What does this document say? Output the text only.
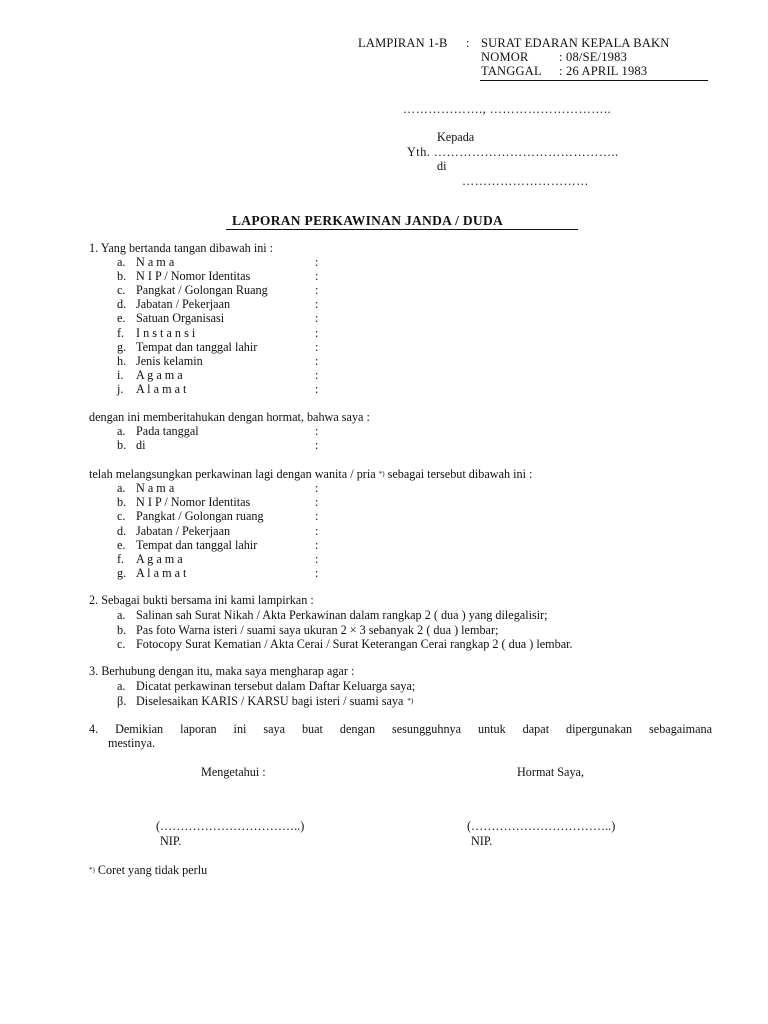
LAMPIRAN 1-B : SURAT EDARAN KEPALA BAKN
NOMOR : 08/SE/1983
TANGGAL : 26 APRIL 1983
………………., ………………………..
Kepada
Yth. ……………………………………..
di
…………………………
LAPORAN PERKAWINAN JANDA / DUDA
1. Yang bertanda tangan dibawah ini :
a. N a m a	:
b. N I P / Nomor Identitas	:
c. Pangkat / Golongan Ruang	:
d. Jabatan / Pekerjaan	:
e. Satuan Organisasi	:
f. I n s t a n s i	:
g. Tempat dan tanggal lahir	:
h. Jenis kelamin	:
i. A g a m a	:
j. A l a m a t	:
dengan ini memberitahukan dengan hormat, bahwa saya :
a. Pada tanggal	:
b. di	:
telah melangsungkan perkawinan lagi dengan wanita / pria *) sebagai tersebut dibawah ini :
a. N a m a	:
b. N I P / Nomor Identitas	:
c. Pangkat / Golongan ruang	:
d. Jabatan / Pekerjaan	:
e. Tempat dan tanggal lahir	:
f. A g a m a	:
g. A l a m a t	:
2. Sebagai bukti bersama ini kami lampirkan :
a. Salinan sah Surat Nikah / Akta Perkawinan dalam rangkap 2 ( dua ) yang dilegalisir;
b. Pas foto Warna isteri / suami saya ukuran 2 × 3 sebanyak 2 ( dua ) lembar;
c. Fotocopy Surat Kematian / Akta Cerai / Surat Keterangan Cerai rangkap 2 ( dua ) lembar.
3. Berhubung dengan itu, maka saya mengharap agar :
a. Dicatat perkawinan tersebut dalam Daftar Keluarga saya;
β. Diselesaikan KARIS / KARSU bagi isteri / suami saya *)
4. Demikian laporan ini saya buat dengan sesungguhnya untuk dapat dipergunakan sebagaimana
mestinya.
Mengetahui :	Hormat Saya,
(……………………………..)	(……………………………..)
NIP.	NIP.
*) Coret yang tidak perlu
